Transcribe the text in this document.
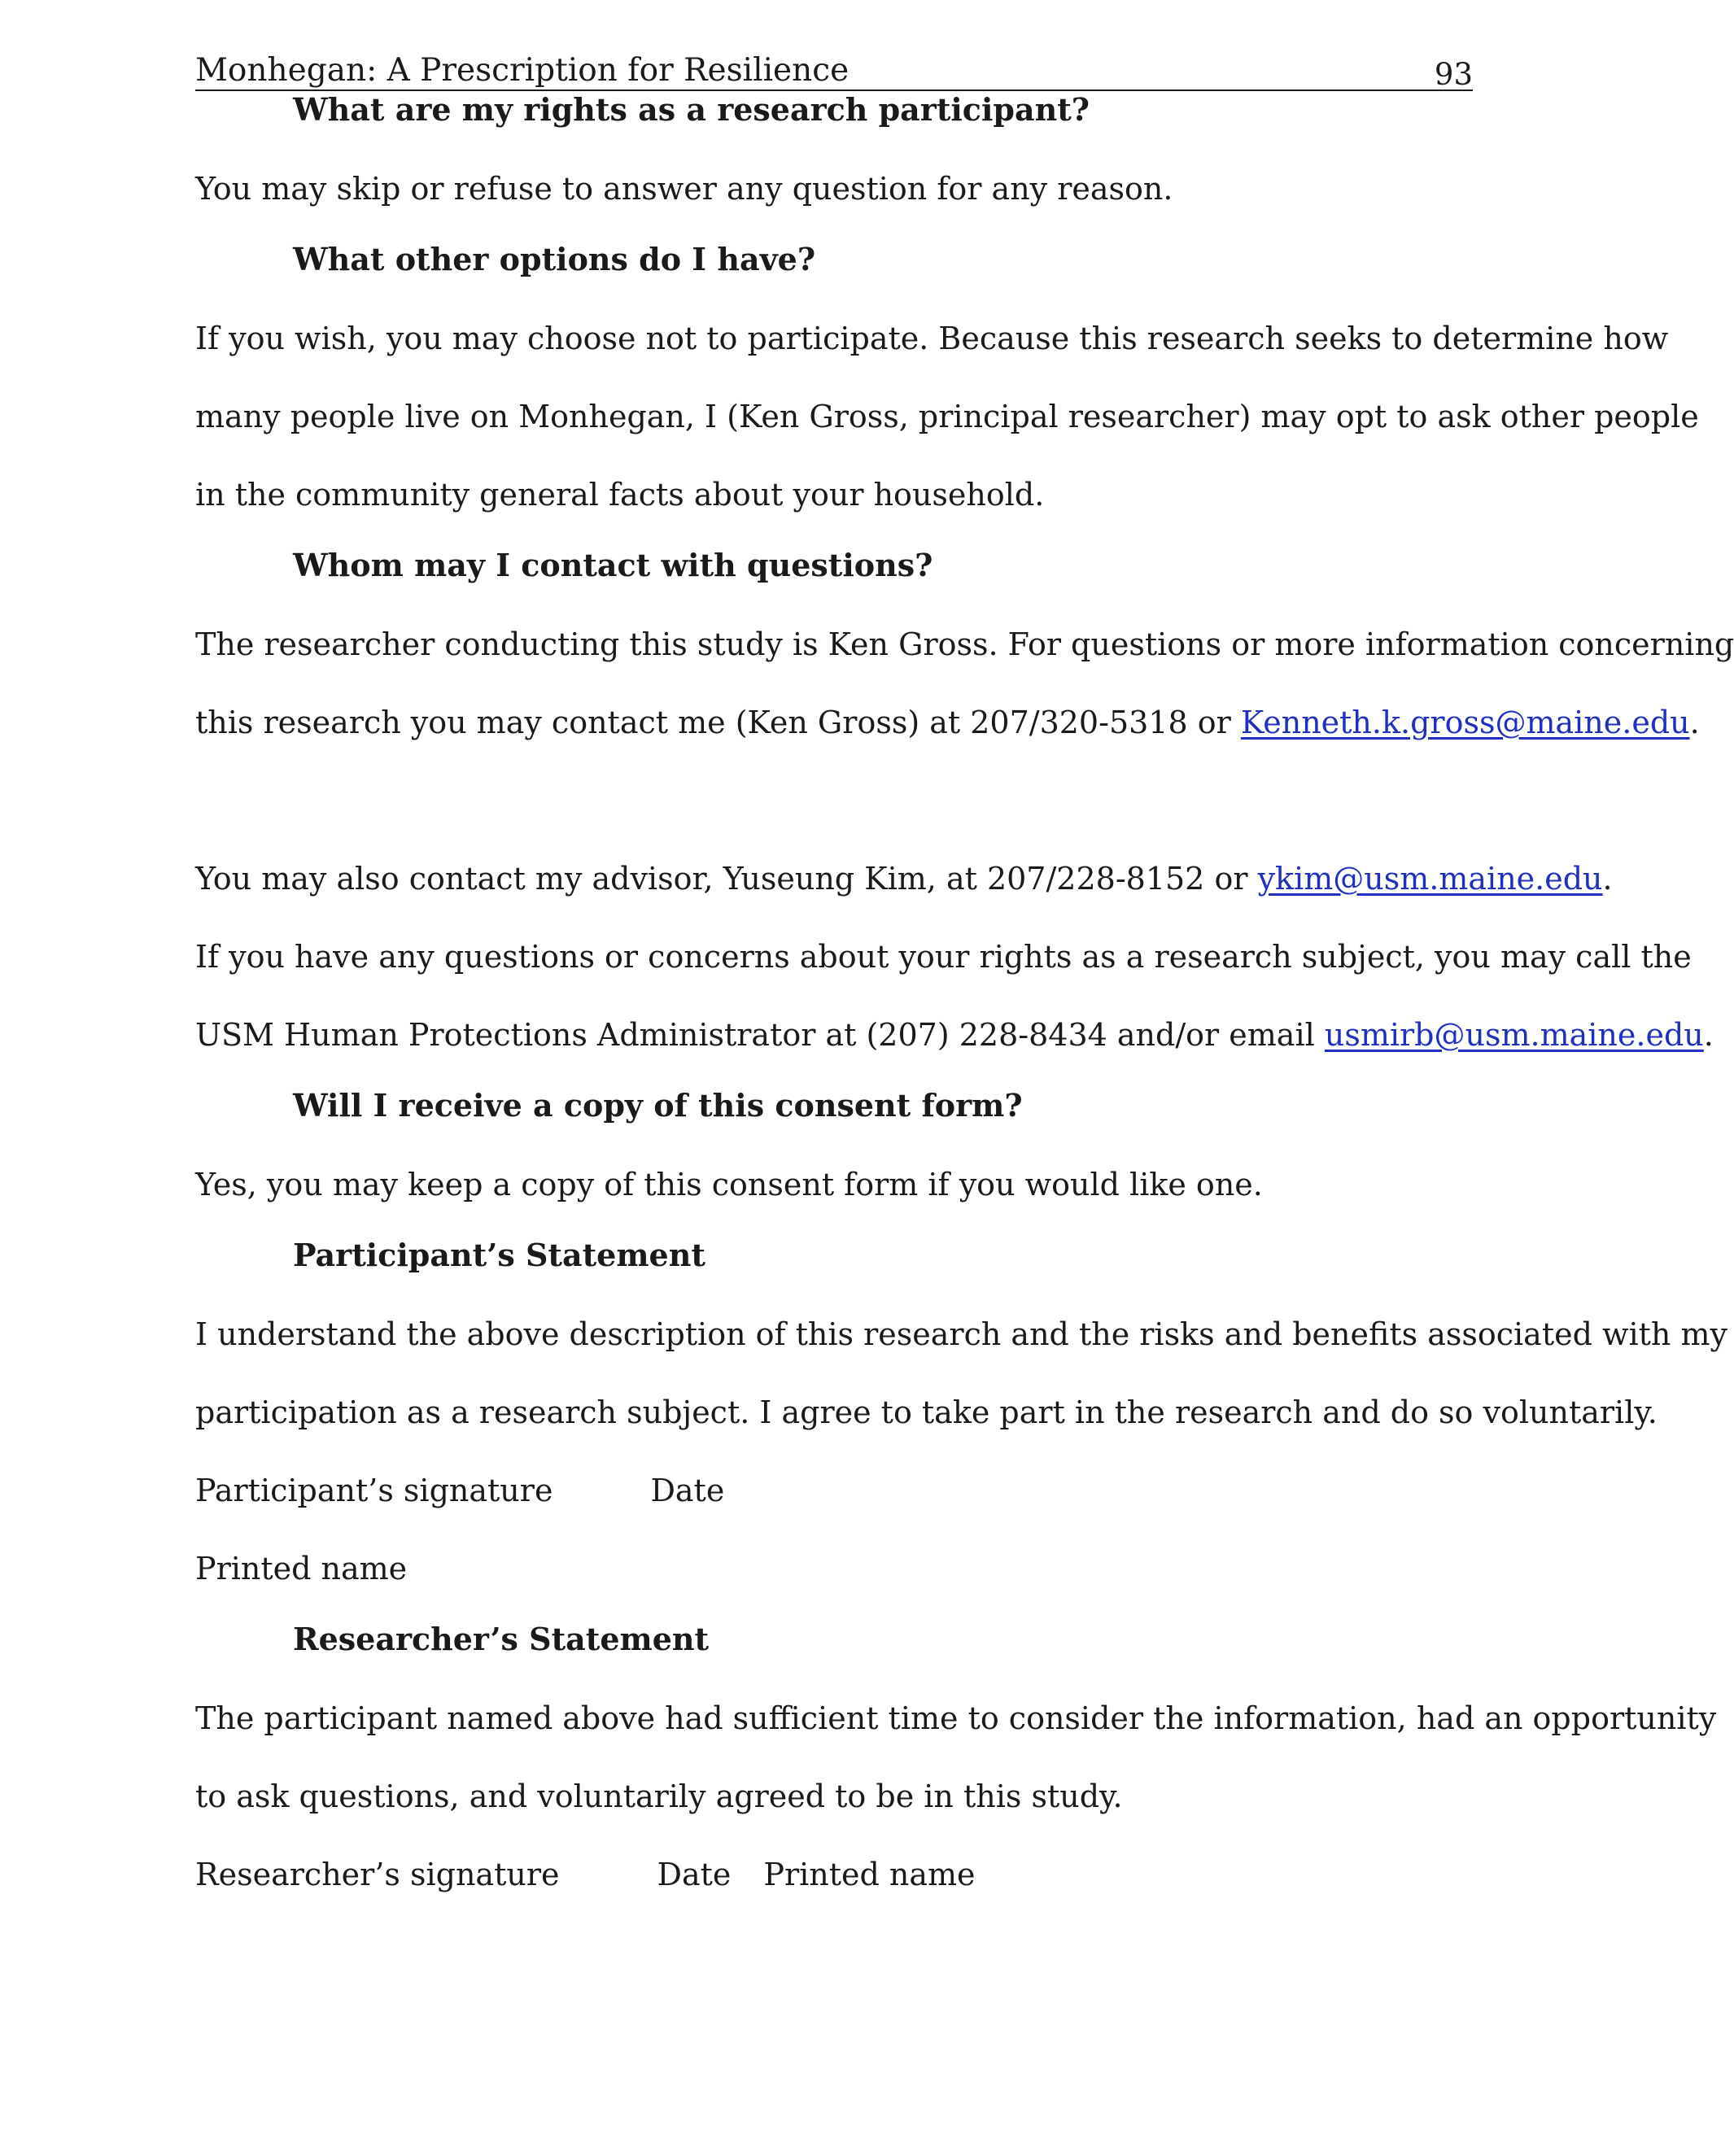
Monhegan: A Prescription for Resilience	93
What are my rights as a research participant?
You may skip or refuse to answer any question for any reason.
What other options do I have?
If you wish, you may choose not to participate. Because this research seeks to determine how
many people live on Monhegan, I (Ken Gross, principal researcher) may opt to ask other people
in the community general facts about your household.
Whom may I contact with questions?
The researcher conducting this study is Ken Gross. For questions or more information concerning
this research you may contact me (Ken Gross) at 207/320-5318 or Kenneth.k.gross@maine.edu.
You may also contact my advisor, Yuseung Kim, at 207/228-8152 or ykim@usm.maine.edu.
If you have any questions or concerns about your rights as a research subject, you may call the
USM Human Protections Administrator at (207) 228-8434 and/or email usmirb@usm.maine.edu.
Will I receive a copy of this consent form?
Yes, you may keep a copy of this consent form if you would like one.
Participant’s Statement
I understand the above description of this research and the risks and benefits associated with my
participation as a research subject. I agree to take part in the research and do so voluntarily.
Participant’s signature	Date
Printed name
Researcher’s Statement
The participant named above had sufficient time to consider the information, had an opportunity
to ask questions, and voluntarily agreed to be in this study.
Researcher’s signature	Date Printed name
